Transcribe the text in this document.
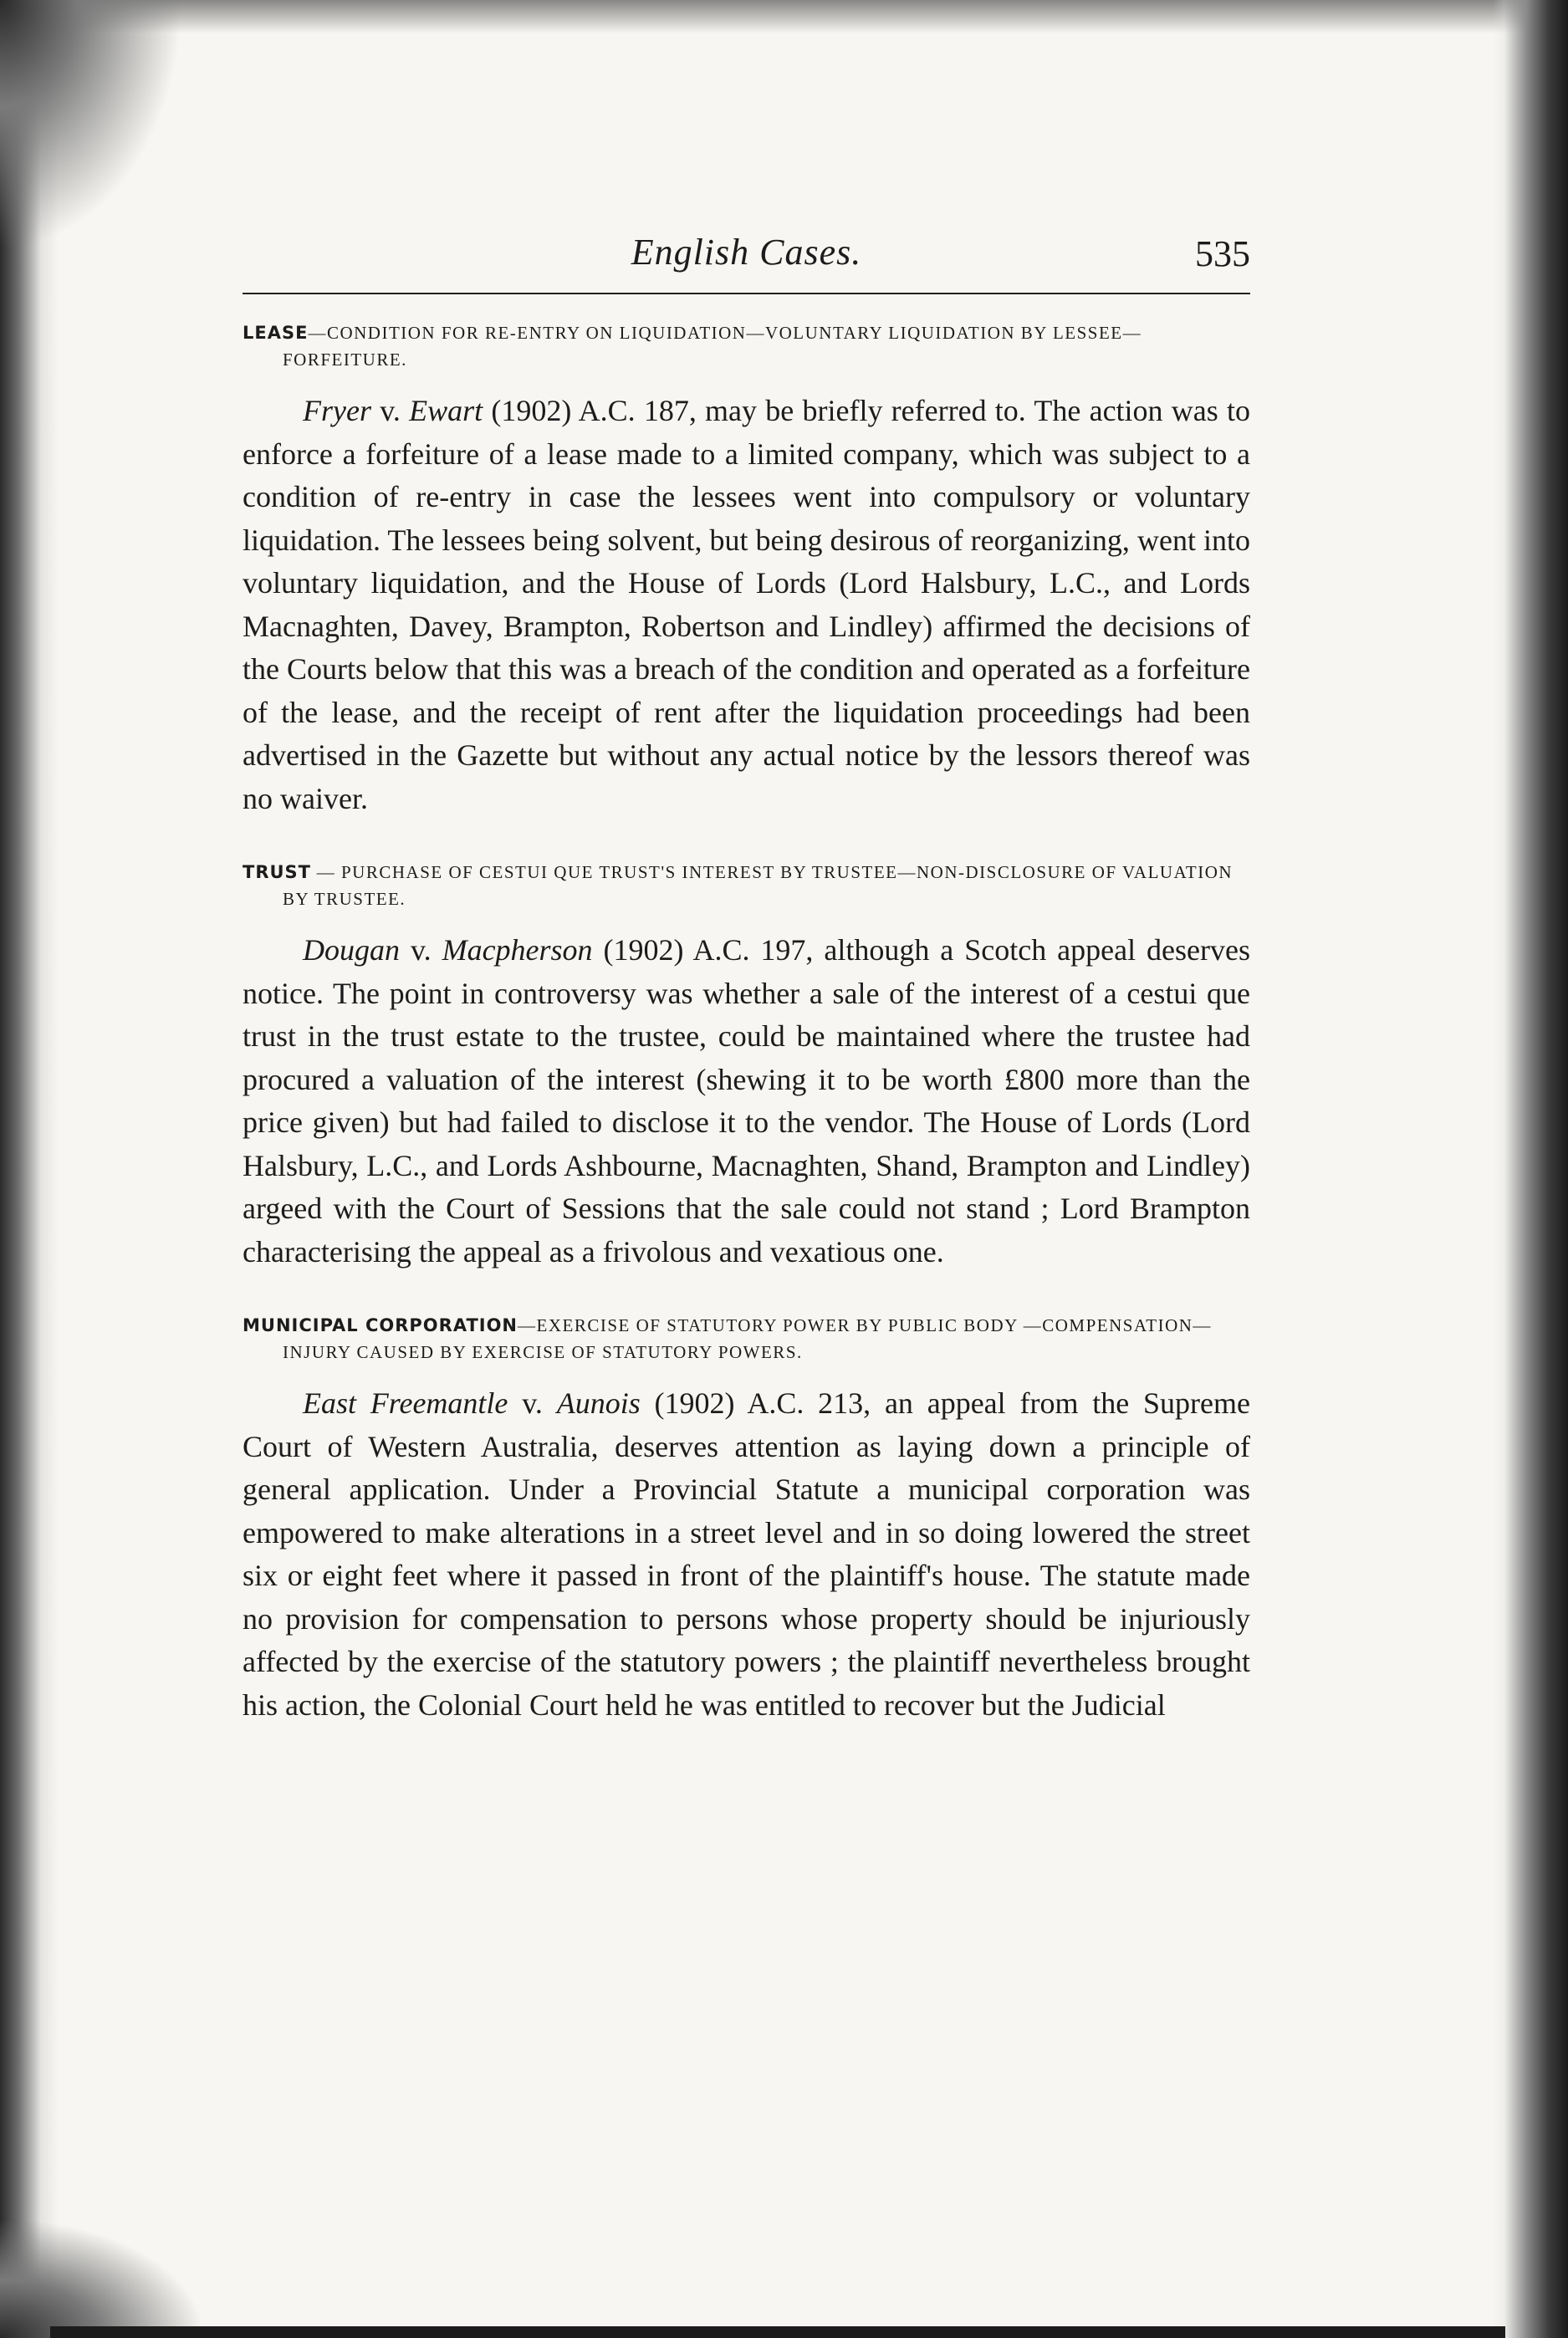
English Cases.	535
LEASE—CONDITION FOR RE-ENTRY ON LIQUIDATION—VOLUNTARY LIQUIDATION BY LESSEE—FORFEITURE.

Fryer v. Ewart (1902) A.C. 187, may be briefly referred to. The action was to enforce a forfeiture of a lease made to a limited company, which was subject to a condition of re-entry in case the lessees went into compulsory or voluntary liquidation. The lessees being solvent, but being desirous of reorganizing, went into voluntary liquidation, and the House of Lords (Lord Halsbury, L.C., and Lords Macnaghten, Davey, Brampton, Robertson and Lindley) affirmed the decisions of the Courts below that this was a breach of the condition and operated as a forfeiture of the lease, and the receipt of rent after the liquidation proceedings had been advertised in the Gazette but without any actual notice by the lessors thereof was no waiver.

TRUST — PURCHASE OF CESTUI QUE TRUST'S INTEREST BY TRUSTEE—NON-DISCLOSURE OF VALUATION BY TRUSTEE.

Dougan v. Macpherson (1902) A.C. 197, although a Scotch appeal deserves notice. The point in controversy was whether a sale of the interest of a cestui que trust in the trust estate to the trustee, could be maintained where the trustee had procured a valuation of the interest (shewing it to be worth £800 more than the price given) but had failed to disclose it to the vendor. The House of Lords (Lord Halsbury, L.C., and Lords Ashbourne, Macnaghten, Shand, Brampton and Lindley) argeed with the Court of Sessions that the sale could not stand ; Lord Brampton characterising the appeal as a frivolous and vexatious one.

MUNICIPAL CORPORATION—EXERCISE OF STATUTORY POWER BY PUBLIC BODY —COMPENSATION—INJURY CAUSED BY EXERCISE OF STATUTORY POWERS.

East Freemantle v. Aunois (1902) A.C. 213, an appeal from the Supreme Court of Western Australia, deserves attention as laying down a principle of general application. Under a Provincial Statute a municipal corporation was empowered to make alterations in a street level and in so doing lowered the street six or eight feet where it passed in front of the plaintiff's house. The statute made no provision for compensation to persons whose property should be injuriously affected by the exercise of the statutory powers ; the plaintiff nevertheless brought his action, the Colonial Court held he was entitled to recover but the Judicial
